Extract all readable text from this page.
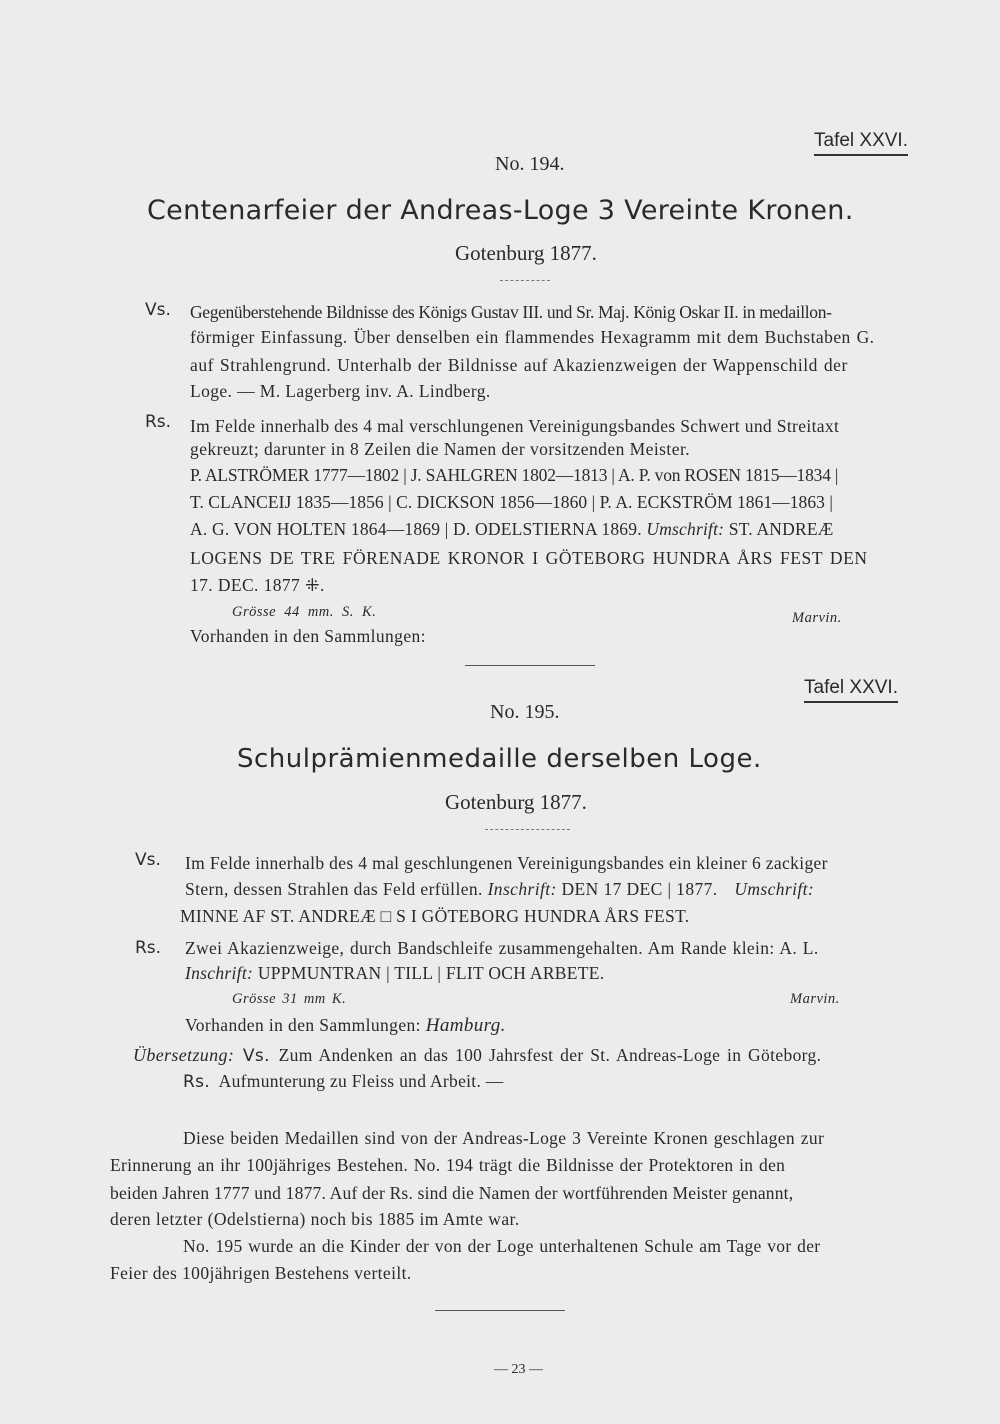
Tafel XXVI.
No. 194.
Centenarfeier der Andreas-Loge 3 Vereinte Kronen.
Gotenburg 1877.
Vs. Gegenüberstehende Bildnisse des Königs Gustav III. und Sr. Maj. König Oskar II. in medaillon-
förmiger Einfassung. Über denselben ein flammendes Hexagramm mit dem Buchstaben G.
auf Strahlengrund. Unterhalb der Bildnisse auf Akazienzweigen der Wappenschild der
Loge. — M. Lagerberg inv. A. Lindberg.
Rs. Im Felde innerhalb des 4 mal verschlungenen Vereinigungsbandes Schwert und Streitaxt
gekreuzt; darunter in 8 Zeilen die Namen der vorsitzenden Meister.
P. ALSTRÖMER 1777—1802 | J. SAHLGREN 1802—1813 | A. P. von ROSEN 1815—1834 |
T. CLANCEIJ 1835—1856 | C. DICKSON 1856—1860 | P. A. ECKSTRÖM 1861—1863 |
A. G. VON HOLTEN 1864—1869 | D. ODELSTIERNA 1869. Umschrift: ST. ANDREÆ
LOGENS DE TRE FÖRENADE KRONOR I GÖTEBORG HUNDRA ÅRS FEST DEN
17. DEC. 1877 ⁜.
Grösse 44 mm. S. K.	Marvin.
Vorhanden in den Sammlungen:
Tafel XXVI.
No. 195.
Schulprämienmedaille derselben Loge.
Gotenburg 1877.
Vs. Im Felde innerhalb des 4 mal geschlungenen Vereinigungsbandes ein kleiner 6 zackiger
Stern, dessen Strahlen das Feld erfüllen. Inschrift: DEN 17 DEC | 1877. Umschrift:
MINNE AF ST. ANDREÆ □ S I GÖTEBORG HUNDRA ÅRS FEST.
Rs. Zwei Akazienzweige, durch Bandschleife zusammengehalten. Am Rande klein: A. L.
Inschrift: UPPMUNTRAN | TILL | FLIT OCH ARBETE.
Grösse 31 mm K.	Marvin.
Vorhanden in den Sammlungen: Hamburg.
Übersetzung: Vs. Zum Andenken an das 100 Jahrsfest der St. Andreas-Loge in Göteborg.
Rs. Aufmunterung zu Fleiss und Arbeit. —
Diese beiden Medaillen sind von der Andreas-Loge 3 Vereinte Kronen geschlagen zur
Erinnerung an ihr 100jähriges Bestehen. No. 194 trägt die Bildnisse der Protektoren in den
beiden Jahren 1777 und 1877. Auf der Rs. sind die Namen der wortführenden Meister genannt,
deren letzter (Odelstierna) noch bis 1885 im Amte war.
No. 195 wurde an die Kinder der von der Loge unterhaltenen Schule am Tage vor der
Feier des 100jährigen Bestehens verteilt.
— 23 —
